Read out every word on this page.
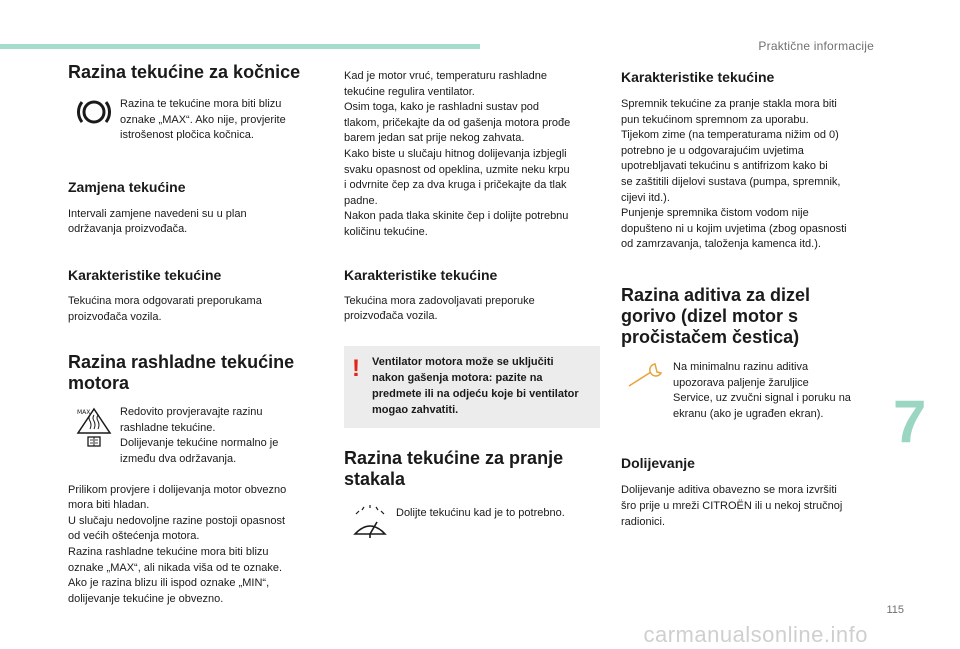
Praktične informacije
Razina tekućine za kočnice

Razina te tekućine mora biti blizu

oznake „MAX“. Ako nije, provjerite

istrošenost pločica kočnica.

Zamjena tekućine

Intervali zamjene navedeni su u plan

održavanja proizvođača.

Karakteristike tekućine

Tekućina mora odgovarati preporukama

proizvođača vozila.

Razina rashladne tekućine
motora
MAX	Redovito provjeravajte razinu

rashladne tekućine.

Dolijevanje tekućine normalno je

između dva održavanja.

Prilikom provjere i dolijevanja motor obvezno

mora biti hladan.

U slučaju nedovoljne razine postoji opasnost

od većih oštećenja motora.

Razina rashladne tekućine mora biti blizu

oznake „MAX“, ali nikada viša od te oznake.

Ako je razina blizu ili ispod oznake „MIN“,

dolijevanje tekućine je obvezno.

Kad je motor vruć, temperaturu rashladne

tekućine regulira ventilator.

Osim toga, kako je rashladni sustav pod

tlakom, pričekajte da od gašenja motora prođe

barem jedan sat prije nekog zahvata.

Kako biste u slučaju hitnog dolijevanja izbjegli

svaku opasnost od opeklina, uzmite neku krpu

i odvrnite čep za dva kruga i pričekajte da tlak

padne.

Nakon pada tlaka skinite čep i dolijte potrebnu

količinu tekućine.

Karakteristike tekućine

Tekućina mora zadovoljavati preporuke

proizvođača vozila.

!	Ventilator motora može se uključiti

nakon gašenja motora: pazite na

predmete ili na odjeću koje bi ventilator

mogao zahvatiti.

Razina tekućine za pranje
stakala

Dolijte tekućinu kad je to potrebno.

Karakteristike tekućine

Spremnik tekućine za pranje stakla mora biti

pun tekućinom spremnom za uporabu.

Tijekom zime (na temperaturama nižim od 0)

potrebno je u odgovarajućim uvjetima

upotrebljavati tekućinu s antifrizom kako bi

se zaštitili dijelovi sustava (pumpa, spremnik,

cijevi itd.).

Punjenje spremnika čistom vodom nije

dopušteno ni u kojim uvjetima (zbog opasnosti

od zamrzavanja, taloženja kamenca itd.).

Razina aditiva za dizel
gorivo (dizel motor s
pročistačem čestica)

Na minimalnu razinu aditiva

upozorava paljenje žaruljice

Service, uz zvučni signal i poruku na

ekranu (ako je ugrađen ekran).

Dolijevanje

Dolijevanje aditiva obavezno se mora izvršiti

šro prije u mreži CITROËN ili u nekoj stručnoj

radionici.

7
115
carmanualsonline.info
